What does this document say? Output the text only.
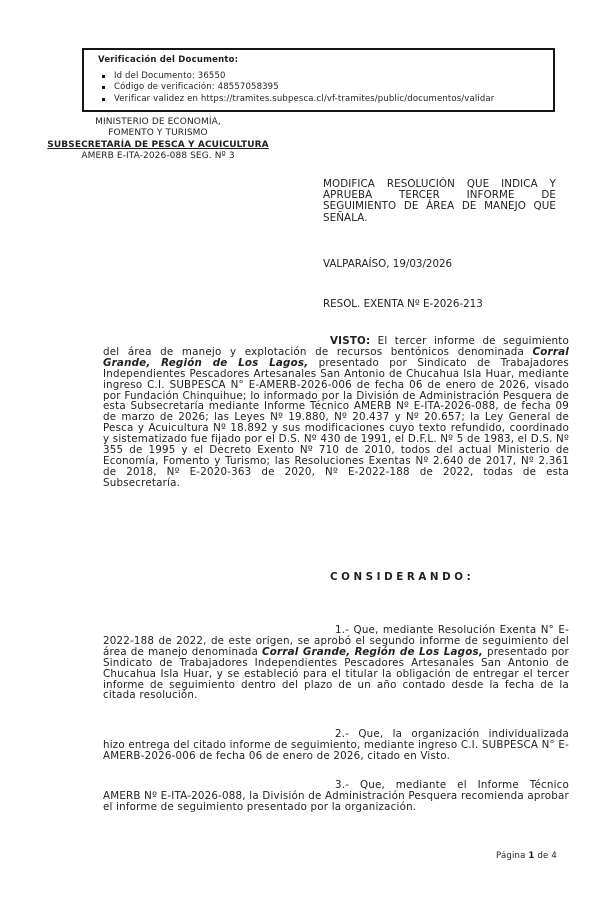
Verificación del Documento:
Id del Documento: 36550
Código de verificación: 48557058395
Verificar validez en https://tramites.subpesca.cl/vf-tramites/public/documentos/validar
MINISTERIO DE ECONOMÍA,
FOMENTO Y TURISMO
SUBSECRETARÍA DE PESCA Y ACUICULTURA
AMERB E-ITA-2026-088 SEG. Nº 3

MODIFICA RESOLUCIÓN QUE INDICA Y APRUEBA TERCER INFORME DE SEGUIMIENTO DE ÁREA DE MANEJO QUE SEÑALA.

VALPARAÍSO, 19/03/2026

RESOL. EXENTA Nº E-2026-213

VISTO: El tercer informe de seguimiento del área de manejo y explotación de recursos bentónicos denominada Corral Grande, Región de Los Lagos, presentado por Sindicato de Trabajadores Independientes Pescadores Artesanales San Antonio de Chucahua Isla Huar, mediante ingreso C.I. SUBPESCA N° E-AMERB-2026-006 de fecha 06 de enero de 2026, visado por Fundación Chinquihue; lo informado por la División de Administración Pesquera de esta Subsecretaría mediante Informe Técnico AMERB Nº E-ITA-2026-088, de fecha 09 de marzo de 2026; las Leyes Nº 19.880, Nº 20.437 y Nº 20.657; la Ley General de Pesca y Acuicultura Nº 18.892 y sus modificaciones cuyo texto refundido, coordinado y sistematizado fue fijado por el D.S. Nº 430 de 1991, el D.F.L. Nº 5 de 1983, el D.S. Nº 355 de 1995 y el Decreto Exento Nº 710 de 2010, todos del actual Ministerio de Economía, Fomento y Turismo; las Resoluciones Exentas Nº 2.640 de 2017, Nº 2.361 de 2018, Nº E-2020-363 de 2020, Nº E-2022-188 de 2022, todas de esta Subsecretaría.

C O N S I D E R A N D O :

1.- Que, mediante Resolución Exenta N° E-2022-188 de 2022, de este origen, se aprobó el segundo informe de seguimiento del área de manejo denominada Corral Grande, Región de Los Lagos, presentado por Sindicato de Trabajadores Independientes Pescadores Artesanales San Antonio de Chucahua Isla Huar, y se estableció para el titular la obligación de entregar el tercer informe de seguimiento dentro del plazo de un año contado desde la fecha de la citada resolución.

2.- Que, la organización individualizada hizo entrega del citado informe de seguimiento, mediante ingreso C.I. SUBPESCA N° E-AMERB-2026-006 de fecha 06 de enero de 2026, citado en Visto.

3.- Que, mediante el Informe Técnico AMERB Nº E-ITA-2026-088, la División de Administración Pesquera recomienda aprobar el informe de seguimiento presentado por la organización.

Página 1 de 4
